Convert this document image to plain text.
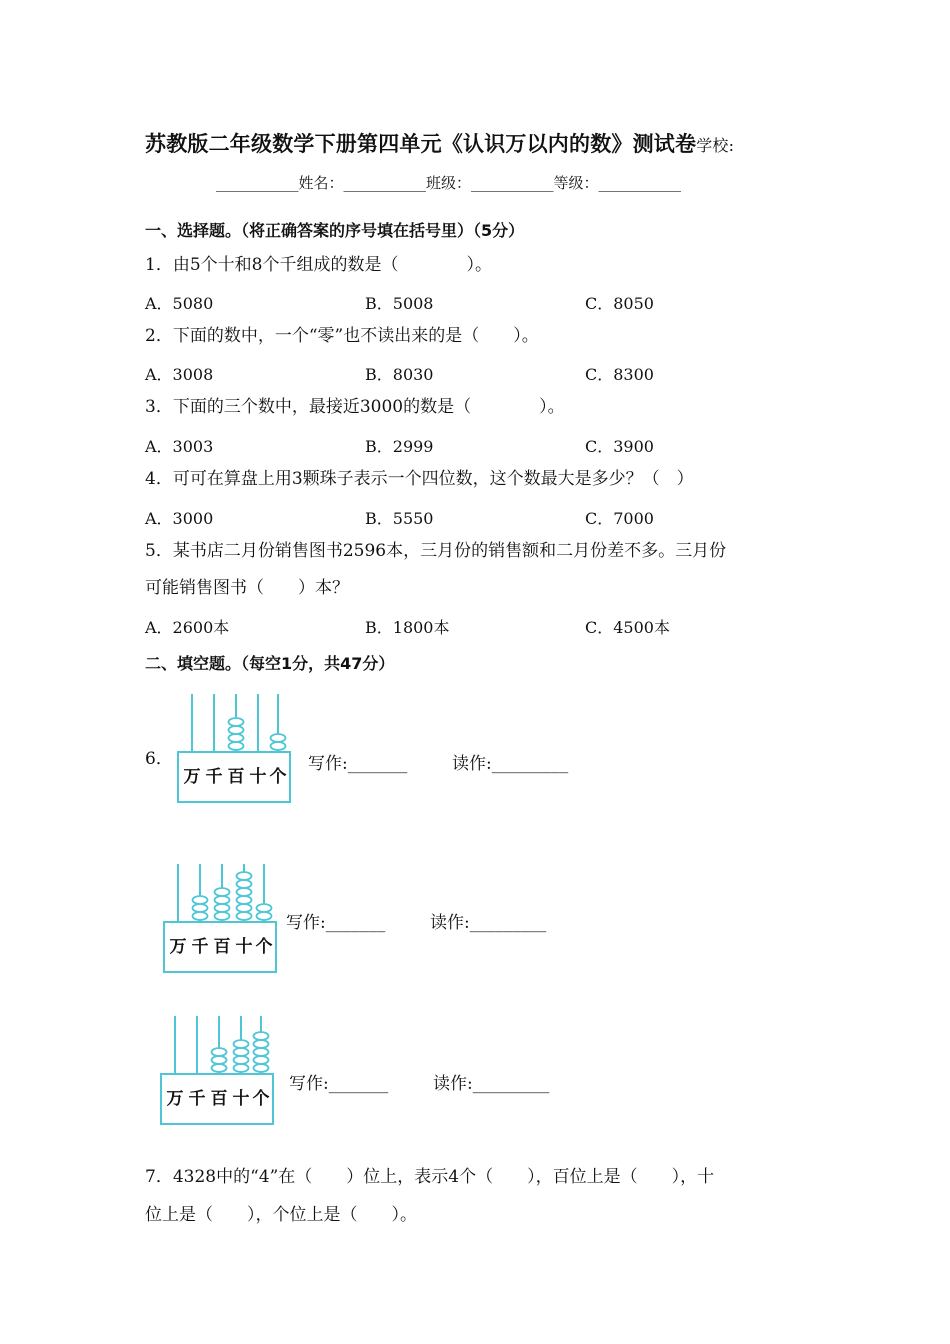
苏教版二年级数学下册第四单元《认识万以内的数》测试卷学校:
___________姓名：___________班级：___________等级：___________
一、选择题。（将正确答案的序号填在括号里）（5分）
1．由5个十和8个千组成的数是（　　　　）。
A．5080	B．5008	C．8050
2．下面的数中，一个“零”也不读出来的是（　　）。
A．3008	B．8030	C．8300
3．下面的三个数中，最接近3000的数是（　　　　）。
A．3003	B．2999	C．3900
4．可可在算盘上用3颗珠子表示一个四位数，这个数最大是多少？（　）
A．3000	B．5550	C．7000
5．某书店二月份销售图书2596本，三月份的销售额和二月份差不多。三月份
可能销售图书（　　）本？
A．2600本	B．1800本	C．4500本
二、填空题。（每空1分，共47分）
6．
万 千 百 十 个
写作:_______	读作:_________
万 千 百 十 个
写作:_______	读作:_________
万 千 百 十 个
写作:_______	读作:_________
7．4328中的“4”在（　　）位上，表示4个（　　），百位上是（　　），十
位上是（　　），个位上是（　　）。
